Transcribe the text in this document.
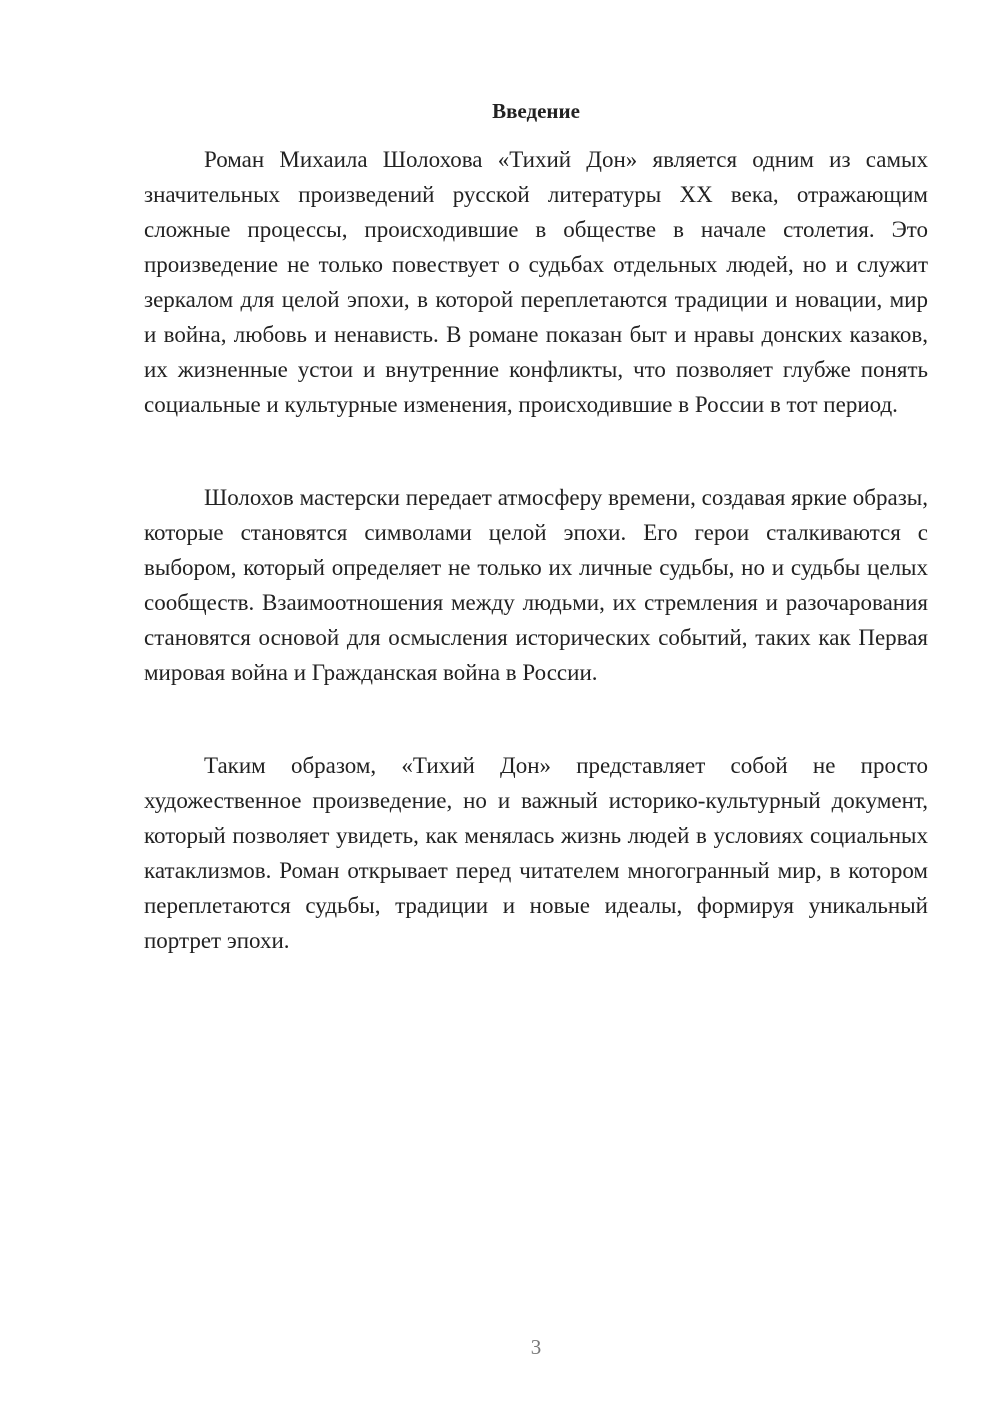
Введение

Роман Михаила Шолохова «Тихий Дон» является одним из самых значительных произведений русской литературы XX века, отражающим сложные процессы, происходившие в обществе в начале столетия. Это произведение не только повествует о судьбах отдельных людей, но и служит зеркалом для целой эпохи, в которой переплетаются традиции и новации, мир и война, любовь и ненависть. В романе показан быт и нравы донских казаков, их жизненные устои и внутренние конфликты, что позволяет глубже понять социальные и культурные изменения, происходившие в России в тот период.

Шолохов мастерски передает атмосферу времени, создавая яркие образы, которые становятся символами целой эпохи. Его герои сталкиваются с выбором, который определяет не только их личные судьбы, но и судьбы целых сообществ. Взаимоотношения между людьми, их стремления и разочарования становятся основой для осмысления исторических событий, таких как Первая мировая война и Гражданская война в России.

Таким образом, «Тихий Дон» представляет собой не просто художественное произведение, но и важный историко-культурный документ, который позволяет увидеть, как менялась жизнь людей в условиях социальных катаклизмов. Роман открывает перед читателем многогранный мир, в котором переплетаются судьбы, традиции и новые идеалы, формируя уникальный портрет эпохи.

3
